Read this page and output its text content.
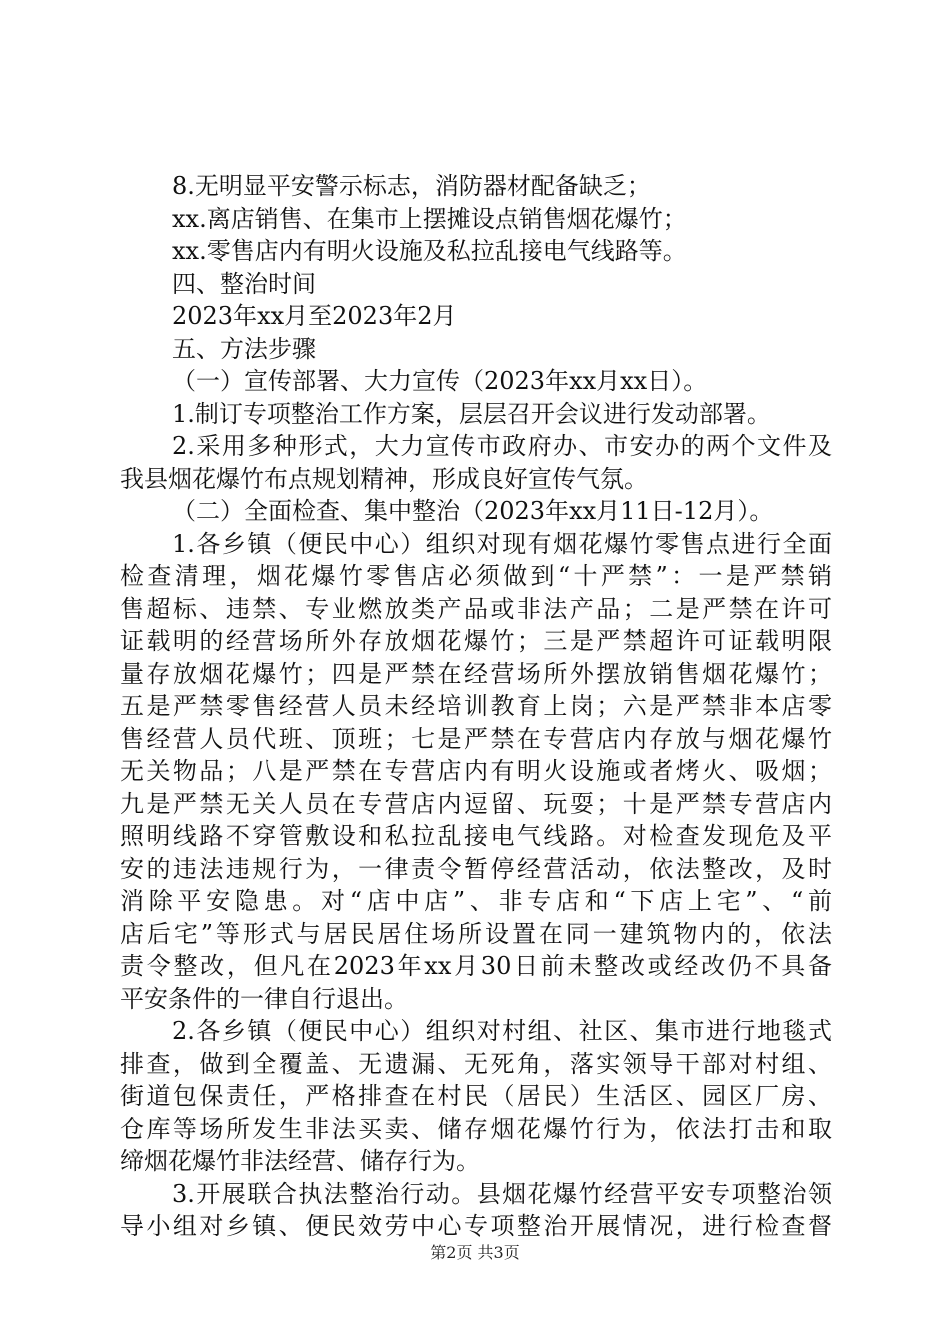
8.无明显平安警示标志，消防器材配备缺乏；
xx.离店销售、在集市上摆摊设点销售烟花爆竹；
xx.零售店内有明火设施及私拉乱接电气线路等。
四、整治时间
2023年xx月至2023年2月
五、方法步骤
（一）宣传部署、大力宣传（2023年xx月xx日）。
1.制订专项整治工作方案，层层召开会议进行发动部署。
2.采用多种形式，大力宣传市政府办、市安办的两个文件及
我县烟花爆竹布点规划精神，形成良好宣传气氛。
（二）全面检查、集中整治（2023年xx月11日-12月）。
1.各乡镇（便民中心）组织对现有烟花爆竹零售点进行全面
检查清理，烟花爆竹零售店必须做到“十严禁”：一是严禁销
售超标、违禁、专业燃放类产品或非法产品；二是严禁在许可
证载明的经营场所外存放烟花爆竹；三是严禁超许可证载明限
量存放烟花爆竹；四是严禁在经营场所外摆放销售烟花爆竹；
五是严禁零售经营人员未经培训教育上岗；六是严禁非本店零
售经营人员代班、顶班；七是严禁在专营店内存放与烟花爆竹
无关物品；八是严禁在专营店内有明火设施或者烤火、吸烟；
九是严禁无关人员在专营店内逗留、玩耍；十是严禁专营店内
照明线路不穿管敷设和私拉乱接电气线路。对检查发现危及平
安的违法违规行为，一律责令暂停经营活动，依法整改，及时
消除平安隐患。对“店中店”、非专店和“下店上宅”、“前
店后宅”等形式与居民居住场所设置在同一建筑物内的，依法
责令整改，但凡在2023年xx月30日前未整改或经改仍不具备
平安条件的一律自行退出。
2.各乡镇（便民中心）组织对村组、社区、集市进行地毯式
排查，做到全覆盖、无遗漏、无死角，落实领导干部对村组、
街道包保责任，严格排查在村民（居民）生活区、园区厂房、
仓库等场所发生非法买卖、储存烟花爆竹行为，依法打击和取
缔烟花爆竹非法经营、储存行为。
3.开展联合执法整治行动。县烟花爆竹经营平安专项整治领
导小组对乡镇、便民效劳中心专项整治开展情况，进行检查督
第2页 共3页
